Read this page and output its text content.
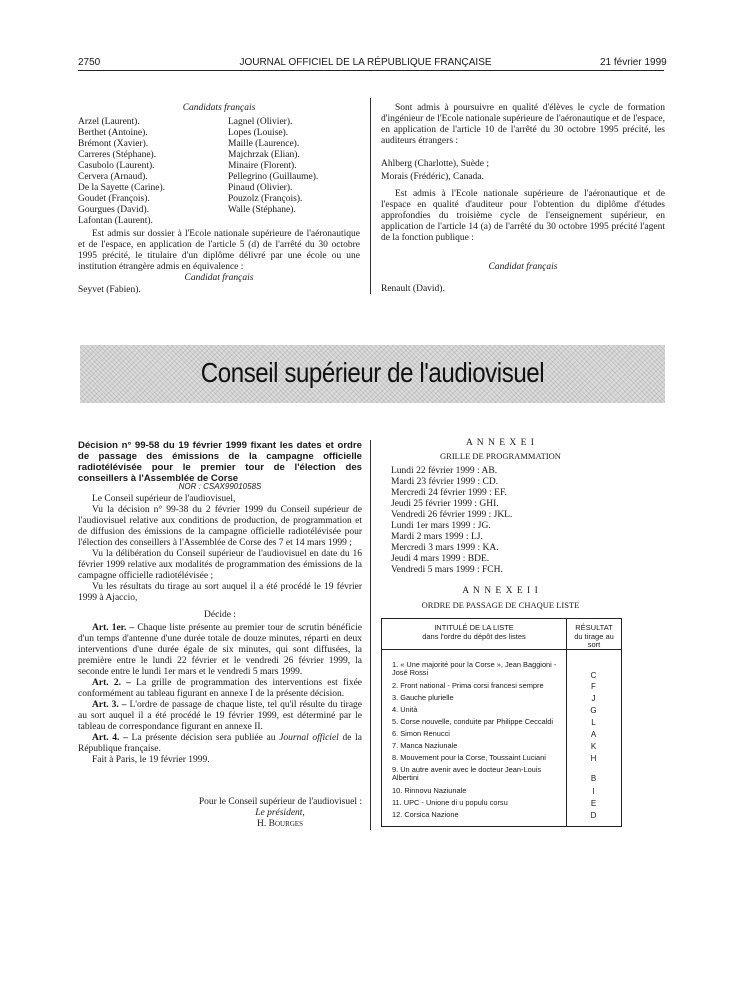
2750	JOURNAL OFFICIEL DE LA RÉPUBLIQUE FRANÇAISE	21 février 1999
Candidats français
Arzel (Laurent).
Berthet (Antoine).
Brémont (Xavier).
Carreres (Stéphane).
Casubolo (Laurent).
Cervera (Arnaud).
De la Sayette (Carine).
Goudet (François).
Gourgues (David).
Lafontan (Laurent).
Lagnel (Olivier).
Lopes (Louise).
Maille (Laurence).
Majchrzak (Elian).
Minaire (Florent).
Pellegrino (Guillaume).
Pinaud (Olivier).
Pouzolz (François).
Walle (Stéphane).

Est admis sur dossier à l'Ecole nationale supérieure de l'aéronautique et de l'espace, en application de l'article 5 (d) de l'arrêté du 30 octobre 1995 précité, le titulaire d'un diplôme délivré par une école ou une institution étrangère admis en équivalence :

Candidat français
Seyvet (Fabien).

Sont admis à poursuivre en qualité d'élèves le cycle de formation d'ingénieur de l'Ecole nationale supérieure de l'aéronautique et de l'espace, en application de l'article 10 de l'arrêté du 30 octobre 1995 précité, les auditeurs étrangers :

Ahlberg (Charlotte), Suède ;
Morais (Frédéric), Canada.

Est admis à l'Ecole nationale supérieure de l'aéronautique et de l'espace en qualité d'auditeur pour l'obtention du diplôme d'études approfondies du troisième cycle de l'enseignement supérieur, en application de l'article 14 (a) de l'arrêté du 30 octobre 1995 précité l'agent de la fonction publique :

Candidat français
Renault (David).
Conseil supérieur de l'audiovisuel
Décision n° 99-58 du 19 février 1999 fixant les dates et ordre de passage des émissions de la campagne officielle radiotélévisée pour le premier tour de l'élection des conseillers à l'Assemblée de Corse
NOR : CSAX9901058S

Le Conseil supérieur de l'audiovisuel,

Vu la décision n° 99-38 du 2 février 1999 du Conseil supérieur de l'audiovisuel relative aux conditions de production, de programmation et de diffusion des émissions de la campagne officielle radiotélévisée pour l'élection des conseillers à l'Assemblée de Corse des 7 et 14 mars 1999 ;

Vu la délibération du Conseil supérieur de l'audiovisuel en date du 16 février 1999 relative aux modalités de programmation des émissions de la campagne officielle radiotélévisée ;

Vu les résultats du tirage au sort auquel il a été procédé le 19 février 1999 à Ajaccio,

Décide :

Art. 1er. – Chaque liste présente au premier tour de scrutin bénéficie d'un temps d'antenne d'une durée totale de douze minutes, réparti en deux interventions d'une durée égale de six minutes, qui sont diffusées, la première entre le lundi 22 février et le vendredi 26 février 1999, la seconde entre le lundi 1er mars et le vendredi 5 mars 1999.

Art. 2. – La grille de programmation des interventions est fixée conformément au tableau figurant en annexe I de la présente décision.

Art. 3. – L'ordre de passage de chaque liste, tel qu'il résulte du tirage au sort auquel il a été procédé le 19 février 1999, est déterminé par le tableau de correspondance figurant en annexe II.

Art. 4. – La présente décision sera publiée au Journal officiel de la République française.

Fait à Paris, le 19 février 1999.

Pour le Conseil supérieur de l'audiovisuel :
Le président,
H. Bourges
A N N E X E I
GRILLE DE PROGRAMMATION
Lundi 22 février 1999 : AB.
Mardi 23 février 1999 : CD.
Mercredi 24 février 1999 : EF.
Jeudi 25 février 1999 : GHI.
Vendredi 26 février 1999 : JKL.
Lundi 1er mars 1999 : JG.
Mardi 2 mars 1999 : LJ.
Mercredi 3 mars 1999 : KA.
Jeudi 4 mars 1999 : BDE.
Vendredi 5 mars 1999 : FCH.
A N N E X E I I
ORDRE DE PASSAGE DE CHAQUE LISTE
INTITULÉ DE LA LISTE
dans l'ordre du dépôt des listes
RÉSULTAT
du tirage au sort
1. « Une majorité pour la Corse », Jean Baggioni - José Rossi	C
2. Front national - Prima corsi francesi sempre	F
3. Gauche plurielle	J
4. Unità	G
5. Corse nouvelle, conduite par Philippe Ceccaldi	L
6. Simon Renucci	A
7. Manca Naziunale	K
8. Mouvement pour la Corse, Toussaint Luciani	H
9. Un autre avenir avec le docteur Jean-Louis Albertini	B
10. Rinnovu Naziunale	I
11. UPC - Unione di u populu corsu	E
12. Corsica Nazione	D
